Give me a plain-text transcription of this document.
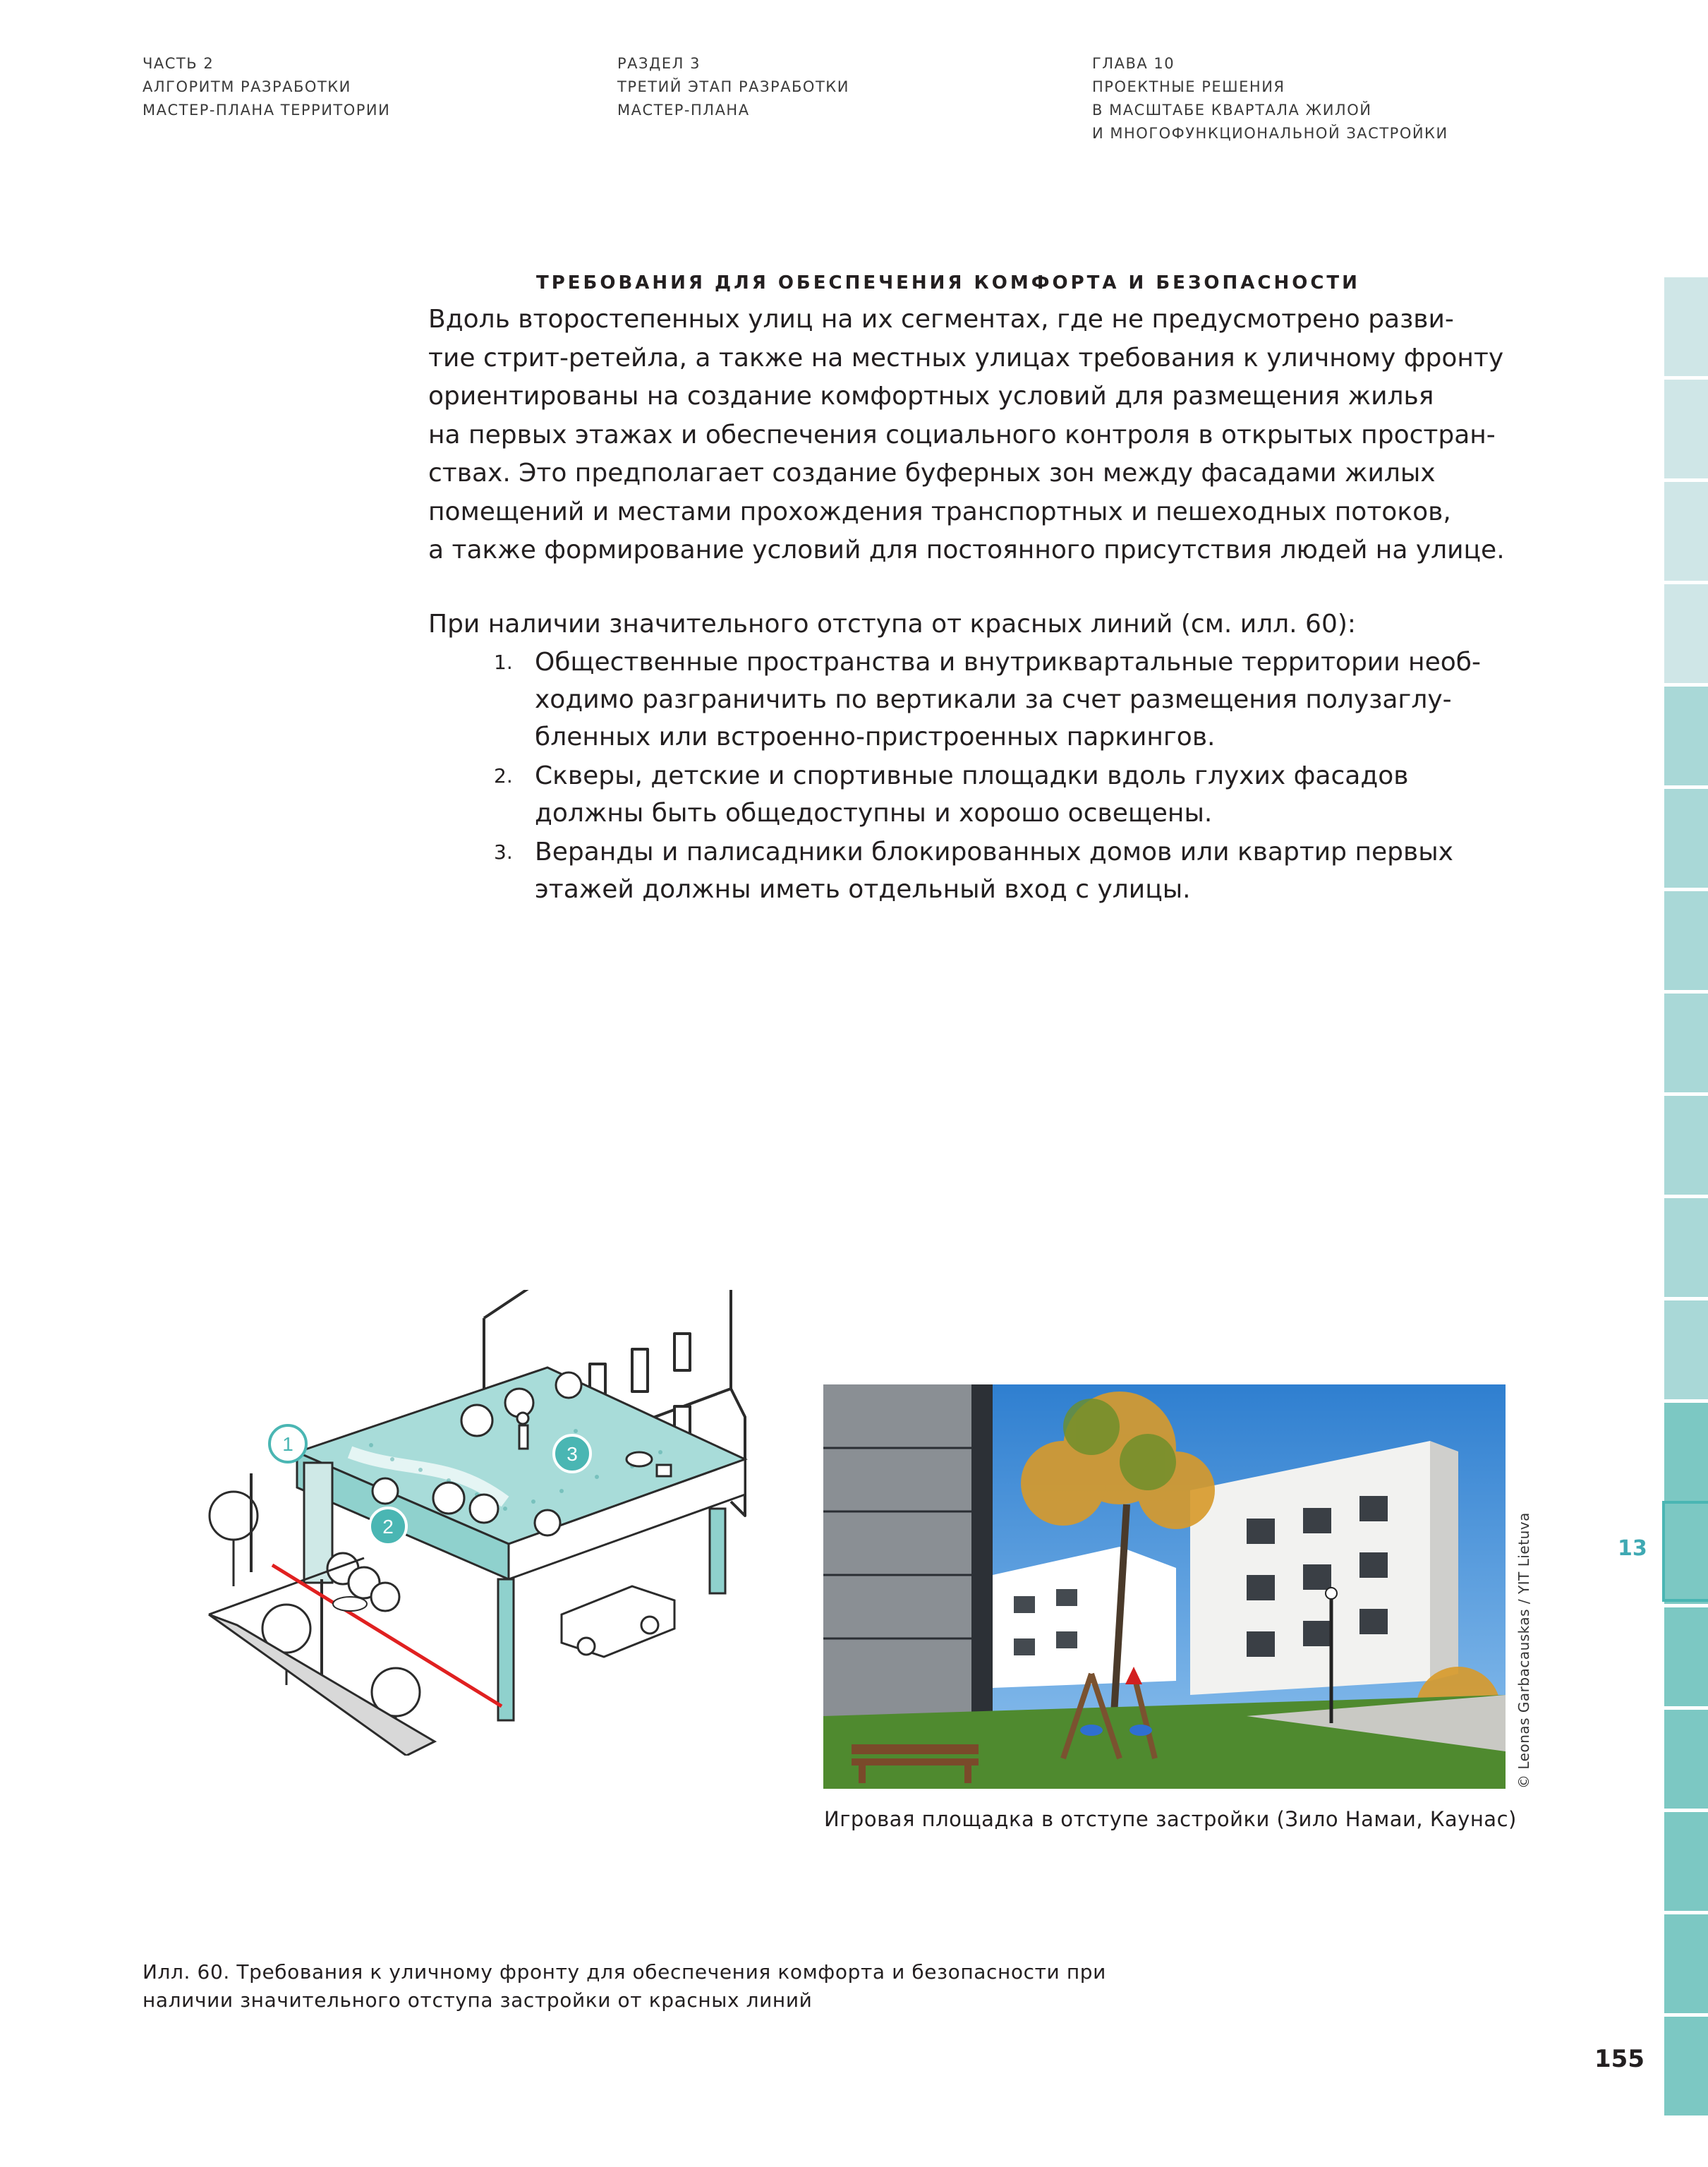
ЧАСТЬ 2
АЛГОРИТМ РАЗРАБОТКИ
МАСТЕР-ПЛАНА ТЕРРИТОРИИ
РАЗДЕЛ 3
ТРЕТИЙ ЭТАП РАЗРАБОТКИ
МАСТЕР-ПЛАНА
ГЛАВА 10
ПРОЕКТНЫЕ РЕШЕНИЯ
В МАСШТАБЕ КВАРТАЛА ЖИЛОЙ
И МНОГОФУНКЦИОНАЛЬНОЙ ЗАСТРОЙКИ
ТРЕБОВАНИЯ ДЛЯ ОБЕСПЕЧЕНИЯ КОМФОРТА И БЕЗОПАСНОСТИ
Вдоль второстепенных улиц на их сегментах, где не предусмотрено разви-
тие стрит-ретейла, а также на местных улицах требования к уличному фронту
ориентированы на создание комфортных условий для размещения жилья
на первых этажах и обеспечения социального контроля в открытых простран-
ствах. Это предполагает создание буферных зон между фасадами жилых
помещений и местами прохождения транспортных и пешеходных потоков,
а также формирование условий для постоянного присутствия людей на улице.
При наличии значительного отступа от красных линий (см. илл. 60):
1. Общественные пространства и внутриквартальные территории необ-
ходимо разграничить по вертикали за счет размещения полузаглу-
бленных или встроенно-пристроенных паркингов.
2. Скверы, детские и спортивные площадки вдоль глухих фасадов
должны быть общедоступны и хорошо освещены.
3. Веранды и палисадники блокированных домов или квартир первых
этажей должны иметь отдельный вход с улицы.
13
1
2
3
© Leonas Garbacauskas / YIT Lietuva
Игровая площадка в отступе застройки (Зило Намаи, Каунас)
Илл. 60. Требования к уличному фронту для обеспечения комфорта и безопасности при
наличии значительного отступа застройки от красных линий
155
